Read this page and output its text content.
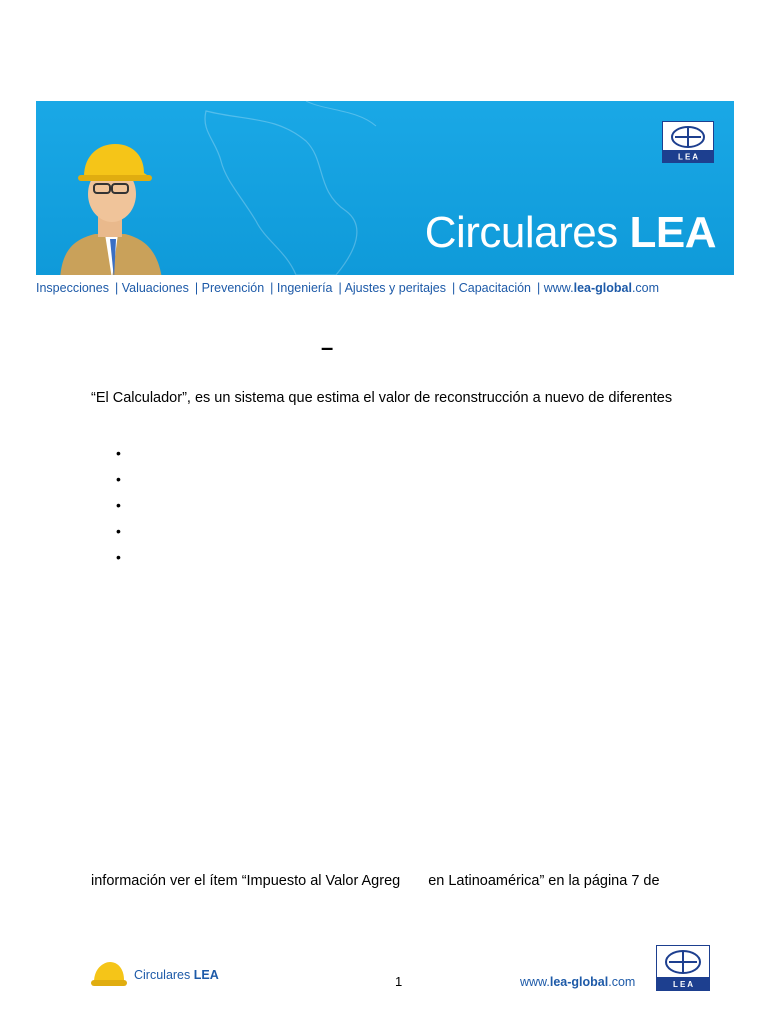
L E A
Circulares LEA
Inspecciones | Valuaciones | Prevención | Ingeniería | Ajustes y peritajes | Capacitación | www.lea-global.com
–
“El Calculador”, es un sistema que estima el valor de reconstrucción a nuevo de diferentes
•
•
•
•
•
información ver el ítem “Impuesto al Valor Agreg en Latinoamérica” en la página 7 de
Circulares LEA	1	www.lea-global.com	L E A
